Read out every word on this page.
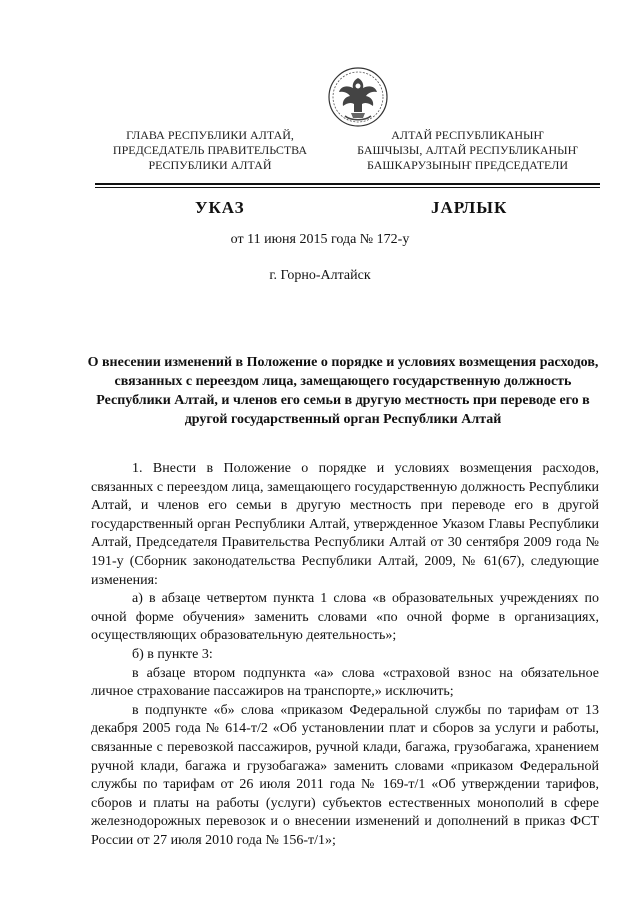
ГЛАВА РЕСПУБЛИКИ АЛТАЙ,
ПРЕДСЕДАТЕЛЬ ПРАВИТЕЛЬСТВА
РЕСПУБЛИКИ АЛТАЙ
АЛТАЙ РЕСПУБЛИКАНЫҤ
БАШЧЫЗЫ, АЛТАЙ РЕСПУБЛИКАНЫҤ
БАШКАРУЗЫНЫҤ ПРЕДСЕДАТЕЛИ
УКАЗ	JАРЛЫК
от 11 июня 2015 года № 172-у
г. Горно-Алтайск
О внесении изменений в Положение о порядке и условиях возмещения расходов, связанных с переездом лица, замещающего государственную должность Республики Алтай, и членов его семьи в другую местность при переводе его в другой государственный орган Республики Алтай

1. Внести в Положение о порядке и условиях возмещения расходов, связанных с переездом лица, замещающего государственную должность Республики Алтай, и членов его семьи в другую местность при переводе его в другой государственный орган Республики Алтай, утвержденное Указом Главы Республики Алтай, Председателя Правительства Республики Алтай от 30 сентября 2009 года № 191-у (Сборник законодательства Республики Алтай, 2009, № 61(67), следующие изменения:

а) в абзаце четвертом пункта 1 слова «в образовательных учреждениях по очной форме обучения» заменить словами «по очной форме в организациях, осуществляющих образовательную деятельность»;

б) в пункте 3:

в абзаце втором подпункта «а» слова «страховой взнос на обязательное личное страхование пассажиров на транспорте,» исключить;

в подпункте «б» слова «приказом Федеральной службы по тарифам от 13 декабря 2005 года № 614-т/2 «Об установлении плат и сборов за услуги и работы, связанные с перевозкой пассажиров, ручной клади, багажа, грузобагажа, хранением ручной клади, багажа и грузобагажа» заменить словами «приказом Федеральной службы по тарифам от 26 июля 2011 года № 169-т/1 «Об утверждении тарифов, сборов и платы на работы (услуги) субъектов естественных монополий в сфере железнодорожных перевозок и о внесении изменений и дополнений в приказ ФСТ России от 27 июля 2010 года № 156-т/1»;
